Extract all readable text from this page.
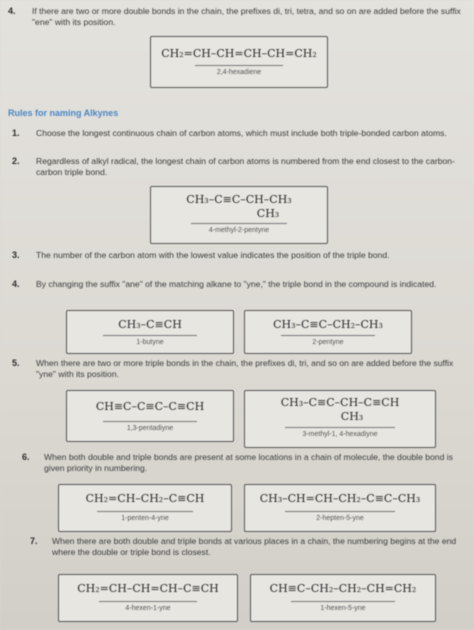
4. If there are two or more double bonds in the chain, the prefixes di, tri, tetra, and so on are added before the suffix "ene" with its position.
CH₂=CH–CH=CH–CH=CH₂
2,4-hexadiene
Rules for naming Alkynes
1. Choose the longest continuous chain of carbon atoms, which must include both triple-bonded carbon atoms.
2. Regardless of alkyl radical, the longest chain of carbon atoms is numbered from the end closest to the carbon-carbon triple bond.
CH₃–C≡C–CH–CH₃
CH₃
4-methyl-2-pentyne
3. The number of the carbon atom with the lowest value indicates the position of the triple bond.
4. By changing the suffix "ane" of the matching alkane to "yne," the triple bond in the compound is indicated.
CH₃–C≡CH
1-butyne
CH₃–C≡C–CH₂–CH₃
2-pentyne
5. When there are two or more triple bonds in the chain, the prefixes di, tri, and so on are added before the suffix "yne" with its position.
CH≡C–C≡C–C≡CH
1,3-pentadiyne
CH₃–C≡C–CH–C≡CH
CH₃
3-methyl-1, 4-hexadiyne
6. When both double and triple bonds are present at some locations in a chain of molecule, the double bond is given priority in numbering.
CH₂=CH–CH₂–C≡CH
1-penten-4-yne
CH₃–CH=CH–CH₂–C≡C–CH₃
2-hepten-5-yne
7. When there are both double and triple bonds at various places in a chain, the numbering begins at the end where the double or triple bond is closest.
CH₂=CH–CH=CH–C≡CH
4-hexen-1-yne
CH≡C–CH₂–CH₂–CH=CH₂
1-hexen-5-yne
